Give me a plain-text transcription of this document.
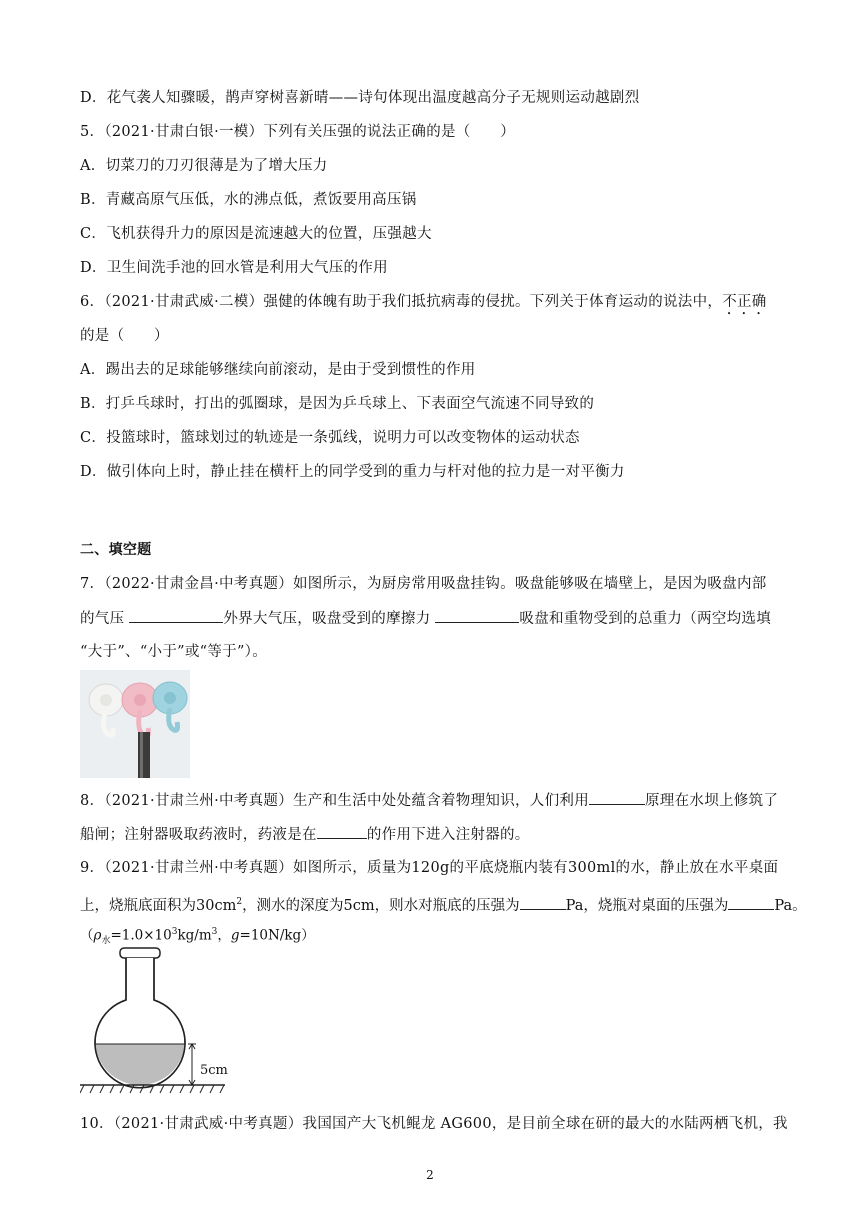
D．花气袭人知骤暖，鹊声穿树喜新晴——诗句体现出温度越高分子无规则运动越剧烈
5．（2021·甘肃白银·一模）下列有关压强的说法正确的是（　　）
A．切菜刀的刀刃很薄是为了增大压力
B．青藏高原气压低，水的沸点低，煮饭要用高压锅
C．飞机获得升力的原因是流速越大的位置，压强越大
D．卫生间洗手池的回水管是利用大气压的作用
6．（2021·甘肃武威·二模）强健的体魄有助于我们抵抗病毒的侵扰。下列关于体育运动的说法中，不正确
的是（　　）
A．踢出去的足球能够继续向前滚动，是由于受到惯性的作用
B．打乒乓球时，打出的弧圈球，是因为乒乓球上、下表面空气流速不同导致的
C．投篮球时，篮球划过的轨迹是一条弧线，说明力可以改变物体的运动状态
D．做引体向上时，静止挂在横杆上的同学受到的重力与杆对他的拉力是一对平衡力
二、填空题
7．（2022·甘肃金昌·中考真题）如图所示，为厨房常用吸盘挂钩。吸盘能够吸在墙壁上，是因为吸盘内部
的气压	外界大气压，吸盘受到的摩擦力	吸盘和重物受到的总重力（两空均选填
“大于”、“小于”或“等于”）。
8．（2021·甘肃兰州·中考真题）生产和生活中处处蕴含着物理知识，人们利用	原理在水坝上修筑了
船闸；注射器吸取药液时，药液是在	的作用下进入注射器的。
9．（2021·甘肃兰州·中考真题）如图所示，质量为120g的平底烧瓶内装有300ml的水，静止放在水平桌面
上，烧瓶底面积为$30cm^2$，测水的深度为5cm，则水对瓶底的压强为	Pa，烧瓶对桌面的压强为	Pa。
（$\rho_水=1.0\times 10^3kg/m^3$，g=10N/kg）
5cm
10．（2021·甘肃武威·中考真题）我国国产大飞机鲲龙 AG600，是目前全球在研的最大的水陆两栖飞机，我
2
